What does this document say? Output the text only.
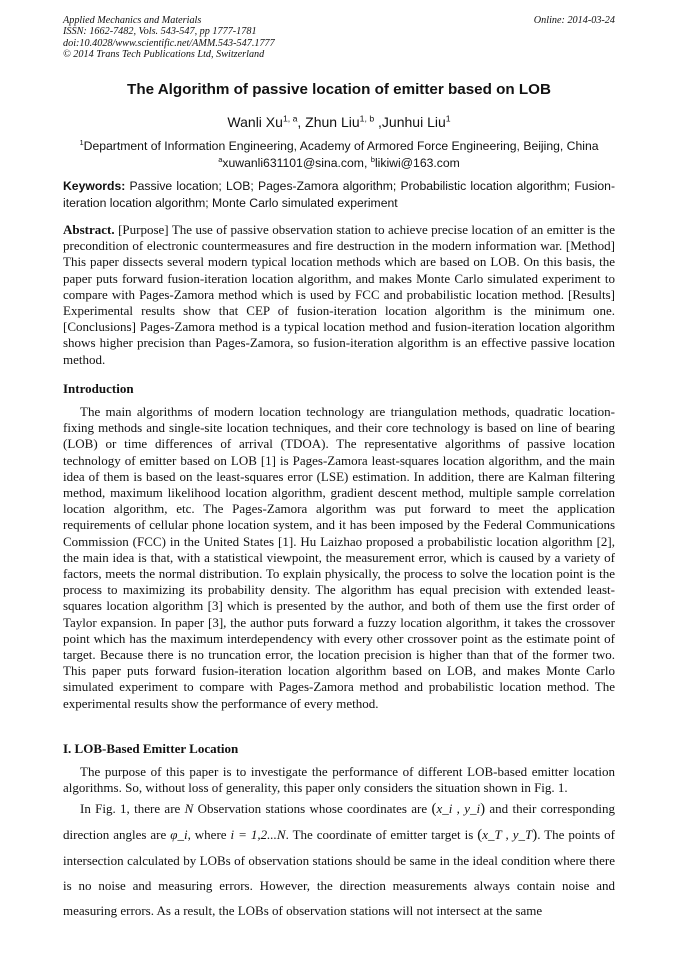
Applied Mechanics and Materials
ISSN: 1662-7482, Vols. 543-547, pp 1777-1781
doi:10.4028/www.scientific.net/AMM.543-547.1777
© 2014 Trans Tech Publications Ltd, Switzerland
Online: 2014-03-24
The Algorithm of passive location of emitter based on LOB
Wanli Xu$^{1, a}$, Zhun Liu$^{1, b}$ ,Junhui Liu$^1$
$^1$Department of Information Engineering, Academy of Armored Force Engineering, Beijing, China
$^a$xuwanli631101@sina.com, $^b$likiwi@163.com
Keywords: Passive location; LOB; Pages-Zamora algorithm; Probabilistic location algorithm; Fusion-iteration location algorithm; Monte Carlo simulated experiment
Abstract. [Purpose] The use of passive observation station to achieve precise location of an emitter is the precondition of electronic countermeasures and fire destruction in the modern information war. [Method] This paper dissects several modern typical location methods which are based on LOB. On this basis, the paper puts forward fusion-iteration location algorithm, and makes Monte Carlo simulated experiment to compare with Pages-Zamora method which is used by FCC and probabilistic location method. [Results] Experimental results show that CEP of fusion-iteration location algorithm is the minimum one. [Conclusions] Pages-Zamora method is a typical location method and fusion-iteration location algorithm shows higher precision than Pages-Zamora, so fusion-iteration algorithm is an effective passive location method.
Introduction

The main algorithms of modern location technology are triangulation methods, quadratic location-fixing methods and single-site location techniques, and their core technology is based on line of bearing (LOB) or time differences of arrival (TDOA). The representative algorithms of passive location technology of emitter based on LOB [1] is Pages-Zamora least-squares location algorithm, and the main idea of them is based on the least-squares error (LSE) estimation. In addition, there are Kalman filtering method, maximum likelihood location algorithm, gradient descent method, multiple sample correlation location algorithm, etc. The Pages-Zamora algorithm was put forward to meet the application requirements of cellular phone location system, and it has been imposed by the Federal Communications Commission (FCC) in the United States [1]. Hu Laizhao proposed a probabilistic location algorithm [2], the main idea is that, with a statistical viewpoint, the measurement error, which is caused by a variety of factors, meets the normal distribution. To explain physically, the process to solve the location point is the process to maximizing its probability density. The algorithm has equal precision with extended least-squares location algorithm [3] which is presented by the author, and both of them use the first order of Taylor expansion. In paper [3], the author puts forward a fuzzy location algorithm, it takes the crossover point which has the maximum interdependency with every other crossover point as the estimate point of target. Because there is no truncation error, the location precision is higher than that of the former two. This paper puts forward fusion-iteration location algorithm based on LOB, and makes Monte Carlo simulated experiment to compare with Pages-Zamora method and probabilistic location method. The experimental results show the performance of every method.

I. LOB-Based Emitter Location

The purpose of this paper is to investigate the performance of different LOB-based emitter location algorithms. So, without loss of generality, this paper only considers the situation shown in Fig. 1.

In Fig. 1, there are N Observation stations whose coordinates are (x_i , y_i) and their corresponding direction angles are φ_i, where i = 1,2...N. The coordinate of emitter target is (x_T , y_T). The points of intersection calculated by LOBs of observation stations should be same in the ideal condition where there is no noise and measuring errors. However, the direction measurements always contain noise and measuring errors. As a result, the LOBs of observation stations will not intersect at the same
